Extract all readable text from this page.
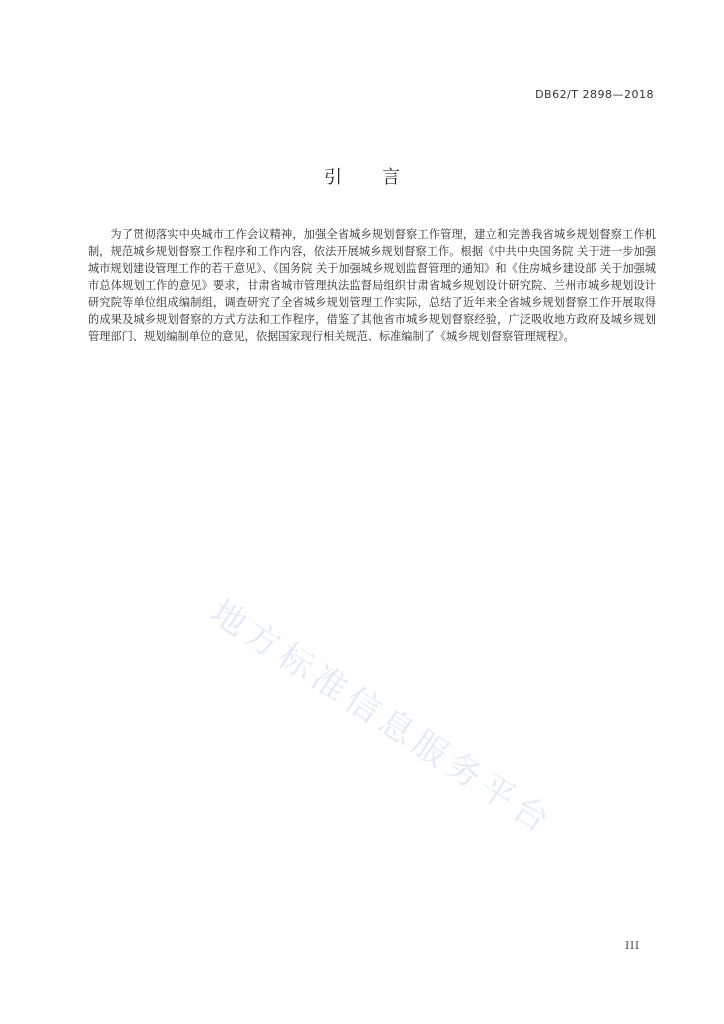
DB62/T 2898—2018
引言

为了贯彻落实中央城市工作会议精神，加强全省城乡规划督察工作管理，建立和完善我省城乡规划督察工作机制，规范城乡规划督察工作程序和工作内容，依法开展城乡规划督察工作。根据《中共中央国务院 关于进一步加强城市规划建设管理工作的若干意见》、《国务院 关于加强城乡规划监督管理的通知》和《住房城乡建设部 关于加强城市总体规划工作的意见》要求，甘肃省城市管理执法监督局组织甘肃省城乡规划设计研究院、兰州市城乡规划设计研究院等单位组成编制组，调查研究了全省城乡规划管理工作实际，总结了近年来全省城乡规划督察工作开展取得的成果及城乡规划督察的方式方法和工作程序，借鉴了其他省市城乡规划督察经验，广泛吸收地方政府及城乡规划管理部门、规划编制单位的意见，依据国家现行相关规范、标准编制了《城乡规划督察管理规程》。

地方标准信息服务平台
III
